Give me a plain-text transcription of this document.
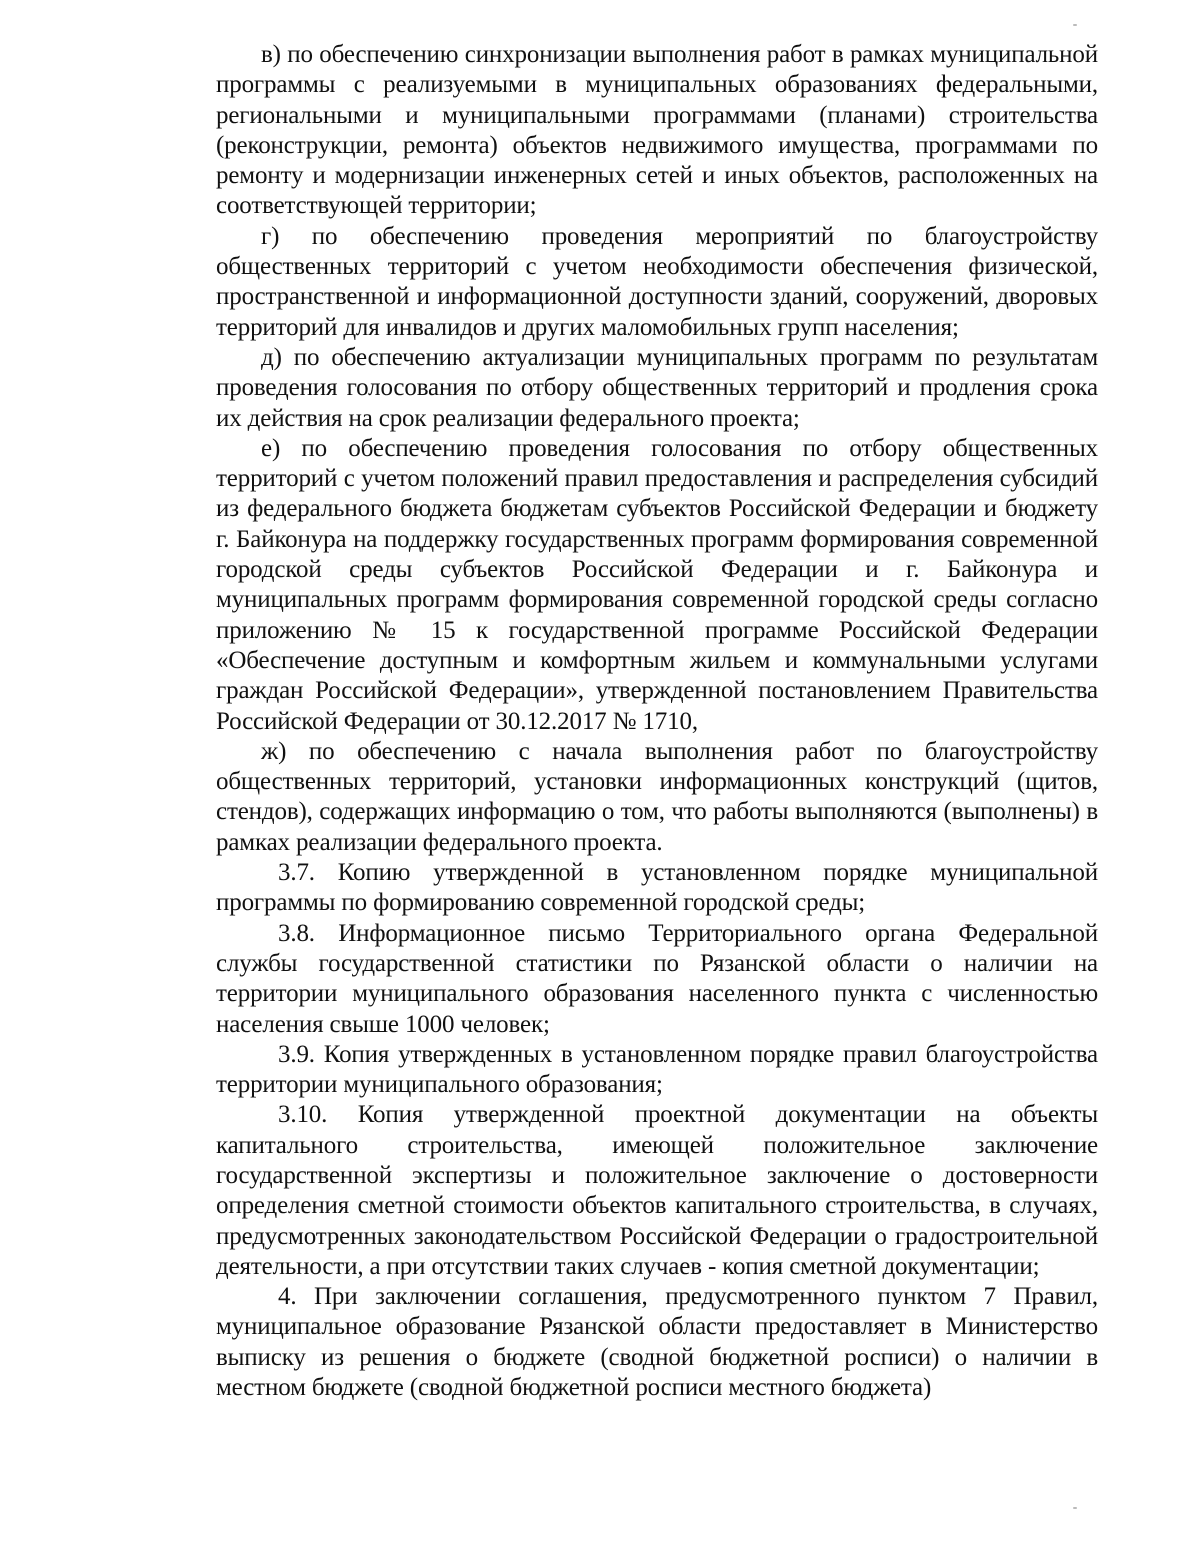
в) по обеспечению синхронизации выполнения работ в рамках муниципальной программы с реализуемыми в муниципальных образованиях федеральными, региональными и муниципальными программами (планами) строительства (реконструкции, ремонта) объектов недвижимого имущества, программами по ремонту и модернизации инженерных сетей и иных объектов, расположенных на соответствующей территории;

г) по обеспечению проведения мероприятий по благоустройству общественных территорий с учетом необходимости обеспечения физической, пространственной и информационной доступности зданий, сооружений, дворовых территорий для инвалидов и других маломобильных групп населения;

д) по обеспечению актуализации муниципальных программ по результатам проведения голосования по отбору общественных территорий и продления срока их действия на срок реализации федерального проекта;

е) по обеспечению проведения голосования по отбору общественных территорий с учетом положений правил предоставления и распределения субсидий из федерального бюджета бюджетам субъектов Российской Федерации и бюджету г. Байконура на поддержку государственных программ формирования современной городской среды субъектов Российской Федерации и г. Байконура и муниципальных программ формирования современной городской среды согласно приложению № 15 к государственной программе Российской Федерации «Обеспечение доступным и комфортным жильем и коммунальными услугами граждан Российской Федерации», утвержденной постановлением Правительства Российской Федерации от 30.12.2017 № 1710,

ж) по обеспечению с начала выполнения работ по благоустройству общественных территорий, установки информационных конструкций (щитов, стендов), содержащих информацию о том, что работы выполняются (выполнены) в рамках реализации федерального проекта.

3.7. Копию утвержденной в установленном порядке муниципальной программы по формированию современной городской среды;

3.8. Информационное письмо Территориального органа Федеральной службы государственной статистики по Рязанской области о наличии на территории муниципального образования населенного пункта с численностью населения свыше 1000 человек;

3.9. Копия утвержденных в установленном порядке правил благоустройства территории муниципального образования;

3.10. Копия утвержденной проектной документации на объекты капитального строительства, имеющей положительное заключение государственной экспертизы и положительное заключение о достоверности определения сметной стоимости объектов капитального строительства, в случаях, предусмотренных законодательством Российской Федерации о градостроительной деятельности, а при отсутствии таких случаев - копия сметной документации;

4. При заключении соглашения, предусмотренного пунктом 7 Правил, муниципальное образование Рязанской области предоставляет в Министерство выписку из решения о бюджете (сводной бюджетной росписи) о наличии в местном бюджете (сводной бюджетной росписи местного бюджета)
